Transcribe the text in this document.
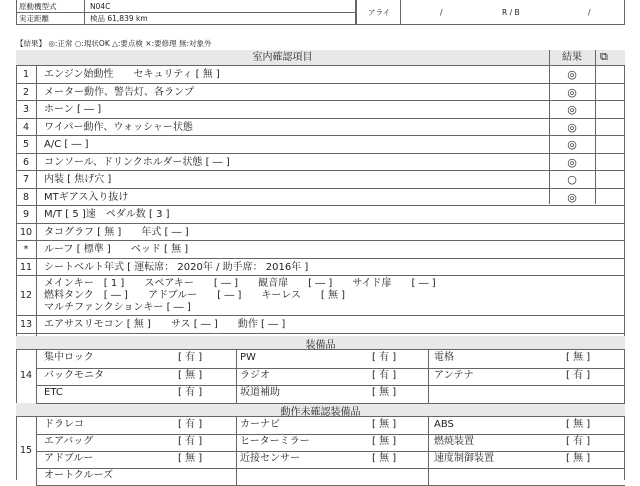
原動機型式	N04C
実走距離	検品 61,839 km
アライ	/	R / B	/
【結果】 ◎:正常 ○:現状OK △:要点検 ×:要修理 無:対象外
室内確認項目	結果	⧉
1	エンジン始動性　　セキュリティ [ 無 ]	◎
2	メーター動作、警告灯、各ランプ	◎
3	ホーン [ ― ]	◎
4	ワイパー動作、ウォッシャー状態	◎
5	A/C [ ― ]	◎
6	コンソール、ドリンクホルダー状態 [ ― ]	◎
7	内装 [ 焦げ穴 ]	○
8	MTギアス入り抜け	◎
9	M/T [ 5 ]速　ペダル数 [ 3 ]
10	タコグラフ [ 無 ]　　年式 [ ― ]
*	ルーフ [ 標準 ]　　ベッド [ 無 ]
11	シートベルト年式 [ 運転席： 2020年 / 助手席： 2016年 ]
12
メインキー　[ 1 ]　　スペアキー　　[ ― ]　　観音扉　　[ ― ]　　サイド扉　　[ ― ]
燃料タンク　[ ― ]　　アドブルー　　[ ― ]　　キーレス　　[ 無 ]
マルチファンクションキー [ ― ]
13	エアサスリモコン [ 無 ]　　サス [ ― ]　　動作 [ ― ]
装備品
動作未確認装備品
14
集中ロック	[ 有 ]	PW	[ 有 ]	電格	[ 無 ]
バックモニタ	[ 無 ]	ラジオ	[ 有 ]	アンテナ	[ 有 ]
ETC	[ 有 ]	坂道補助	[ 無 ]
15
ドラレコ	[ 有 ]	カーナビ	[ 無 ]	ABS	[ 無 ]
エアバッグ	[ 有 ]	ヒーターミラー	[ 無 ]	燃焼装置	[ 有 ]
アドブルー	[ 無 ]	近接センサー	[ 無 ]	速度制御装置	[ 無 ]
オートクルーズ
